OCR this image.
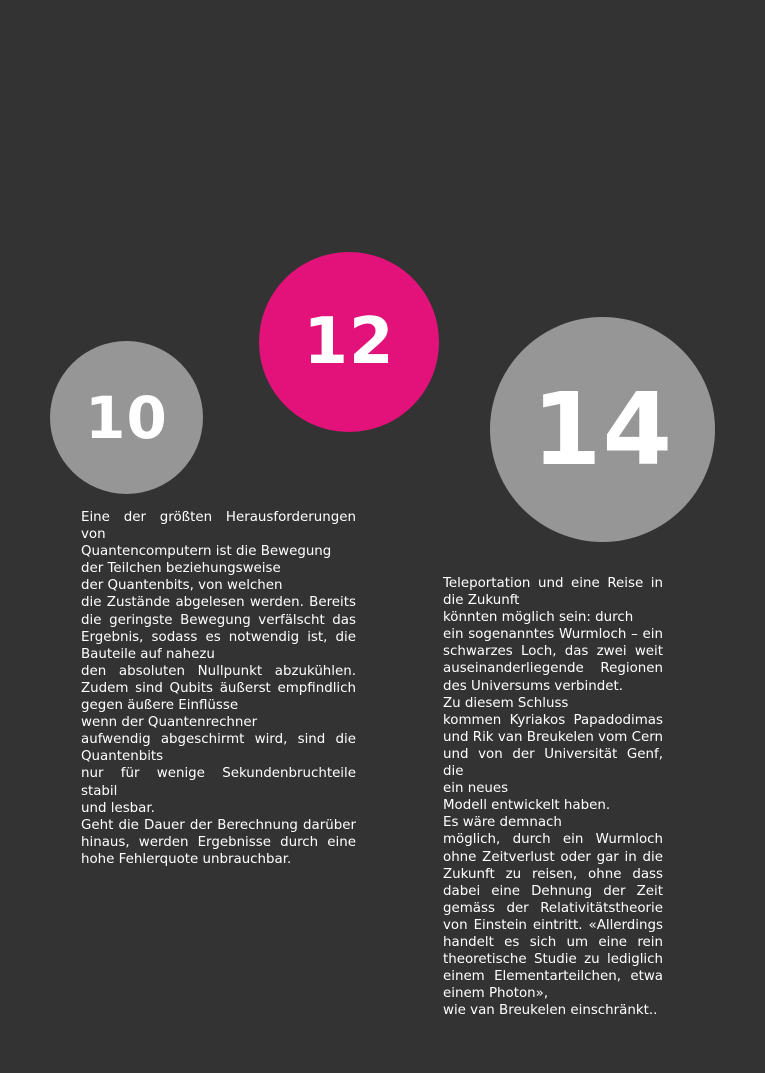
10
12
14
Eine der größten Herausforderungen von
Quantencomputern ist die Bewegung
der Teilchen beziehungsweise
der Quantenbits, von welchen
die Zustände abgelesen werden. Bereits
die geringste Bewegung verfälscht das
Ergebnis, sodass es notwendig ist, die
Bauteile auf nahezu
den absoluten Nullpunkt abzukühlen.
Zudem sind Qubits äußerst empfindlich
gegen äußere Einflüsse
wenn der Quantenrechner
aufwendig abgeschirmt wird, sind die
Quantenbits
nur für wenige Sekundenbruchteile stabil
und lesbar.
Geht die Dauer der Berechnung darüber
hinaus, werden Ergebnisse durch eine
hohe Fehlerquote unbrauchbar.
Teleportation und eine Reise in
die Zukunft
könnten möglich sein: durch
ein sogenanntes Wurmloch – ein
schwarzes Loch, das zwei weit
auseinanderliegende Regionen
des Universums verbindet.
Zu diesem Schluss
kommen Kyriakos Papadodimas
und Rik van Breukelen vom Cern
und von der Universität Genf, die
ein neues
Modell entwickelt haben.
Es wäre demnach
möglich, durch ein Wurmloch
ohne Zeitverlust oder gar in die
Zukunft zu reisen, ohne dass
dabei eine Dehnung der Zeit
gemäss der Relativitätstheorie
von Einstein eintritt. «Allerdings
handelt es sich um eine rein
theoretische Studie zu lediglich
einem Elementarteilchen, etwa
einem Photon»,
wie van Breukelen einschränkt..
